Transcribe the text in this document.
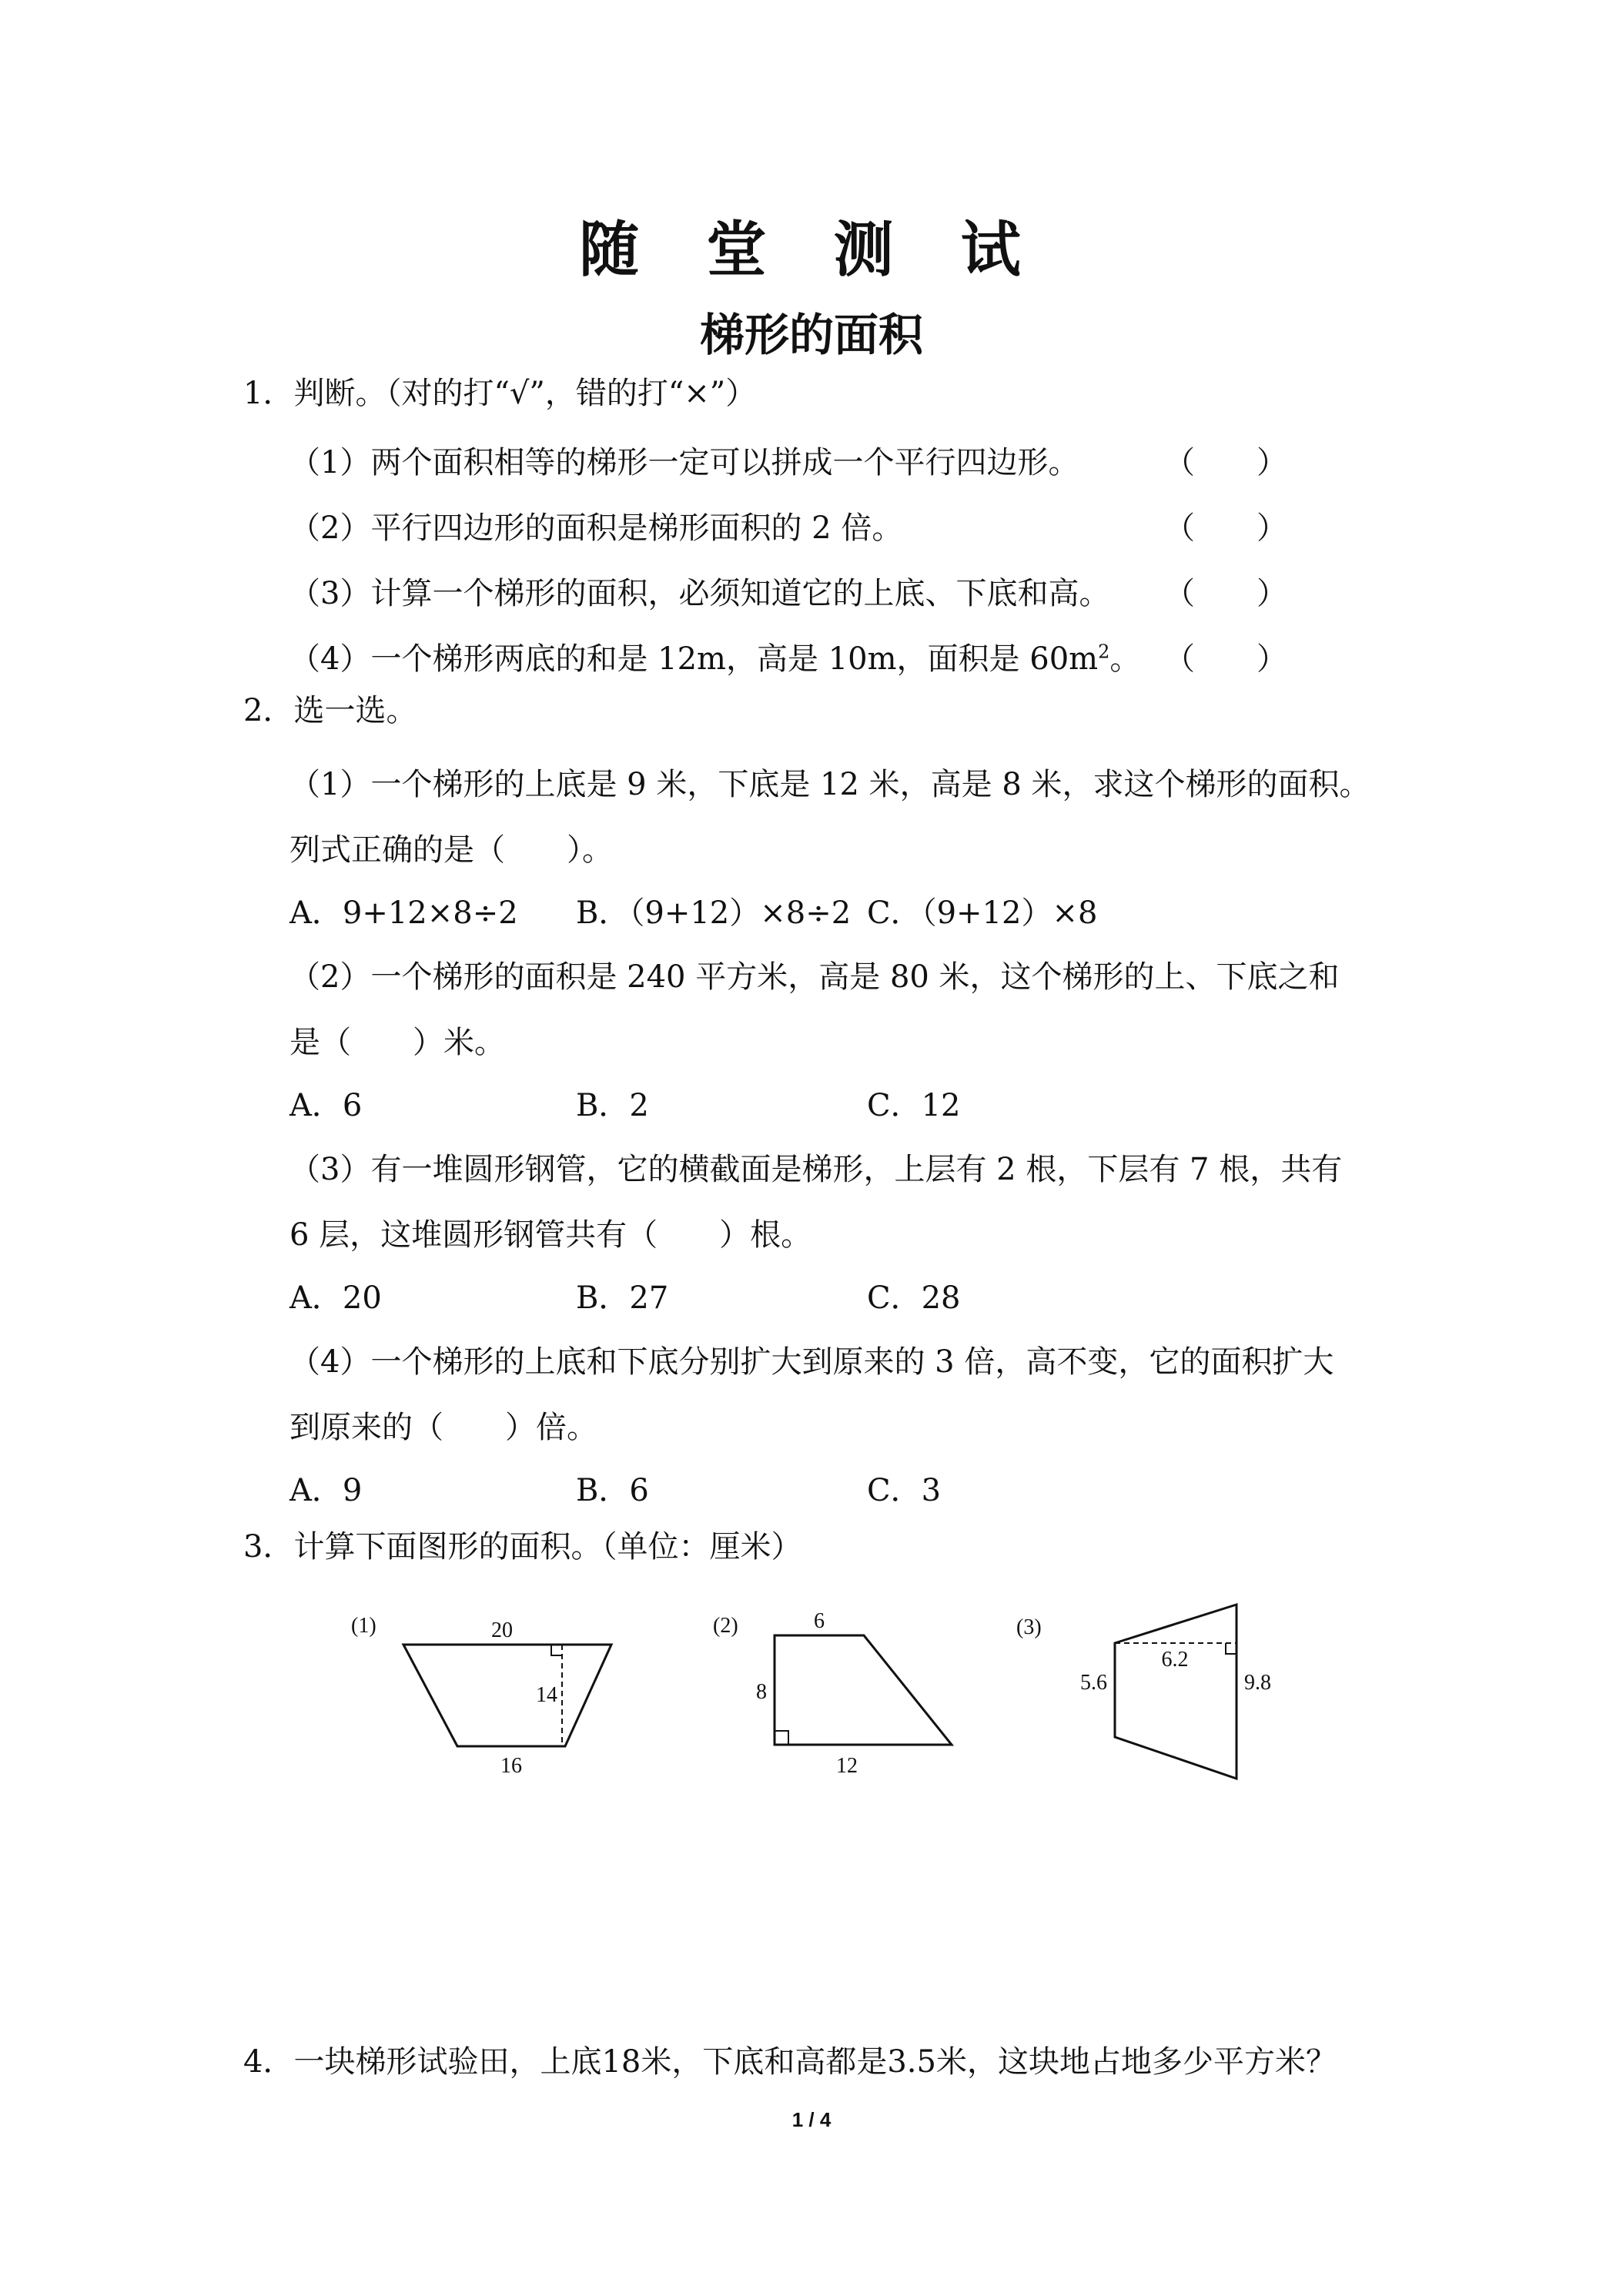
随 堂 测 试
梯形的面积
1．判断。（对的打“√”，错的打“×”）
（1）两个面积相等的梯形一定可以拼成一个平行四边形。	（　　）
（2）平行四边形的面积是梯形面积的 2 倍。	（　　）
（3）计算一个梯形的面积，必须知道它的上底、下底和高。 （　　）
（4）一个梯形两底的和是 12m，高是 10m，面积是 $60m^2$。 （　　）
2．选一选。
（1）一个梯形的上底是 9 米，下底是 12 米，高是 8 米，求这个梯形的面积。
列式正确的是（　　）。
A．9+12×8÷2 B．（9+12）×8÷2 C．（9+12）×8
（2）一个梯形的面积是 240 平方米，高是 80 米，这个梯形的上、下底之和
是（　　）米。
A．6	B．2	C．12
（3）有一堆圆形钢管，它的横截面是梯形，上层有 2 根，下层有 7 根，共有
6 层，这堆圆形钢管共有（　　）根。
A．20	B．27	C．28
（4）一个梯形的上底和下底分别扩大到原来的 3 倍，高不变，它的面积扩大
到原来的（　　）倍。
A．9	B．6	C．3
3．计算下面图形的面积。（单位：厘米）
(1)	20
14
16
(2)	6
8
12
(3)
6.2
5.6	9.8
4．一块梯形试验田，上底18米，下底和高都是3.5米，这块地占地多少平方米？
1 / 4
